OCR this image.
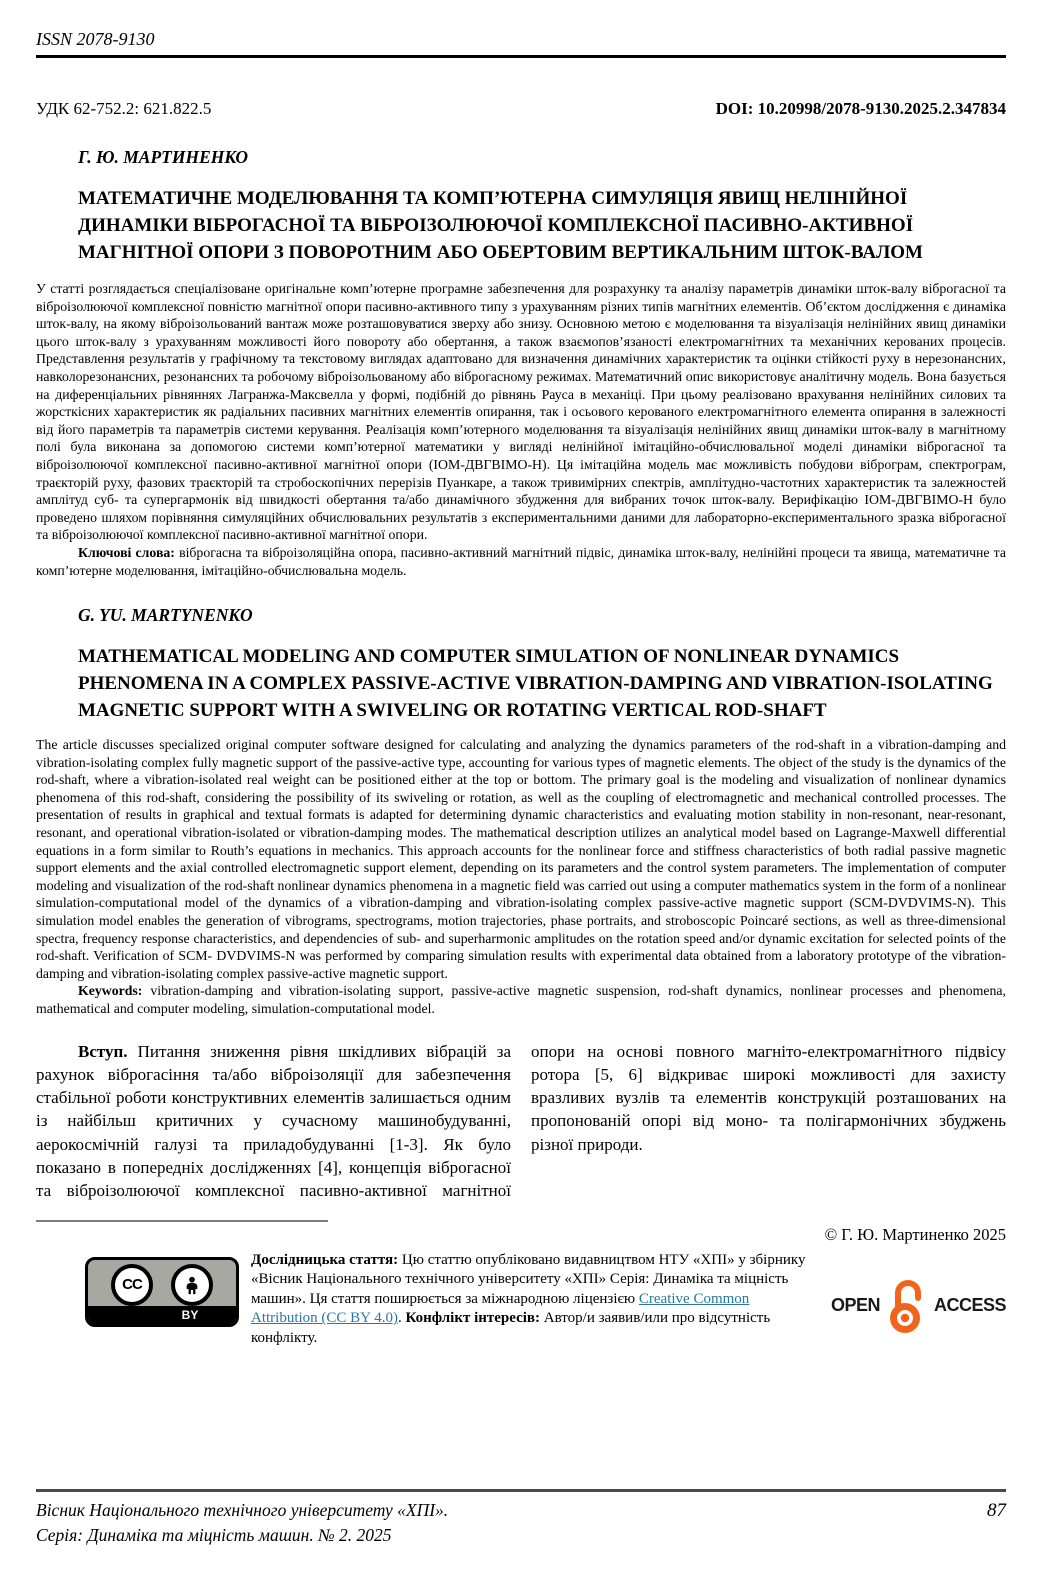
ISSN 2078-9130
УДК 62-752.2: 621.822.5	DOI: 10.20998/2078-9130.2025.2.347834
Г. Ю. МАРТИНЕНКО
МАТЕМАТИЧНЕ МОДЕЛЮВАННЯ ТА КОМП’ЮТЕРНА СИМУЛЯЦІЯ ЯВИЩ НЕЛІНІЙНОЇ ДИНАМІКИ ВІБРОГАСНОЇ ТА ВІБРОІЗОЛЮЮЧОЇ КОМПЛЕКСНОЇ ПАСИВНО-АКТИВНОЇ МАГНІТНОЇ ОПОРИ З ПОВОРОТНИМ АБО ОБЕРТОВИМ ВЕРТИКАЛЬНИМ ШТОК-ВАЛОМ

У статті розглядається спеціалізоване оригінальне комп’ютерне програмне забезпечення для розрахунку та аналізу параметрів динаміки шток-валу віброгасної та віброізолюючої комплексної повністю магнітної опори пасивно-активного типу з урахуванням різних типів магнітних елементів. Об’єктом дослідження є динаміка шток-валу, на якому віброізольований вантаж може розташовуватися зверху або знизу. Основною метою є моделювання та візуалізація нелінійних явищ динаміки цього шток-валу з урахуванням можливості його повороту або обертання, а також взаємопов’язаності електромагнітних та механічних керованих процесів. Представлення результатів у графічному та текстовому виглядах адаптовано для визначення динамічних характеристик та оцінки стійкості руху в нерезонансних, навколорезонансних, резонансних та робочому віброізольованому або віброгасному режимах. Математичний опис використовує аналітичну модель. Вона базується на диференціальних рівняннях Лагранжа-Максвелла у формі, подібній до рівнянь Рауса в механіці. При цьому реалізовано врахування нелінійних силових та жорсткісних характеристик як радіальних пасивних магнітних елементів опирання, так і осьового керованого електромагнітного елемента опирання в залежності від його параметрів та параметрів системи керування. Реалізація комп’ютерного моделювання та візуалізація нелінійних явищ динаміки шток-валу в магнітному полі була виконана за допомогою системи комп’ютерної математики у вигляді нелінійної імітаційно-обчислювальної моделі динаміки віброгасної та віброізолюючої комплексної пасивно-активної магнітної опори (ІОМ-ДВГВІМО-Н). Ця імітаційна модель має можливість побудови віброграм, спектрограм, траєкторій руху, фазових траєкторій та стробоскопічних перерізів Пуанкаре, а також тривимірних спектрів, амплітудно-частотних характеристик та залежностей амплітуд суб- та супергармонік від швидкості обертання та/або динамічного збудження для вибраних точок шток-валу. Верифікацію ІОМ-ДВГВІМО-Н було проведено шляхом порівняння симуляційних обчислювальних результатів з експериментальними даними для лабораторно-експериментального зразка віброгасної та віброізолюючої комплексної пасивно-активної магнітної опори.

Ключові слова: віброгасна та віброізоляційна опора, пасивно-активний магнітний підвіс, динаміка шток-валу, нелінійні процеси та явища, математичне та комп’ютерне моделювання, імітаційно-обчислювальна модель.

G. YU. MARTYNENKO
MATHEMATICAL MODELING AND COMPUTER SIMULATION OF NONLINEAR DYNAMICS PHENOMENA IN A COMPLEX PASSIVE-ACTIVE VIBRATION-DAMPING AND VIBRATION-ISOLATING MAGNETIC SUPPORT WITH A SWIVELING OR ROTATING VERTICAL ROD-SHAFT

The article discusses specialized original computer software designed for calculating and analyzing the dynamics parameters of the rod-shaft in a vibration-damping and vibration-isolating complex fully magnetic support of the passive-active type, accounting for various types of magnetic elements. The object of the study is the dynamics of the rod-shaft, where a vibration-isolated real weight can be positioned either at the top or bottom. The primary goal is the modeling and visualization of nonlinear dynamics phenomena of this rod-shaft, considering the possibility of its swiveling or rotation, as well as the coupling of electromagnetic and mechanical controlled processes. The presentation of results in graphical and textual formats is adapted for determining dynamic characteristics and evaluating motion stability in non-resonant, near-resonant, resonant, and operational vibration-isolated or vibration-damping modes. The mathematical description utilizes an analytical model based on Lagrange-Maxwell differential equations in a form similar to Routh’s equations in mechanics. This approach accounts for the nonlinear force and stiffness characteristics of both radial passive magnetic support elements and the axial controlled electromagnetic support element, depending on its parameters and the control system parameters. The implementation of computer modeling and visualization of the rod-shaft nonlinear dynamics phenomena in a magnetic field was carried out using a computer mathematics system in the form of a nonlinear simulation-computational model of the dynamics of a vibration-damping and vibration-isolating complex passive-active magnetic support (SCM-DVDVIMS-N). This simulation model enables the generation of vibrograms, spectrograms, motion trajectories, phase portraits, and stroboscopic Poincaré sections, as well as three-dimensional spectra, frequency response characteristics, and dependencies of sub- and superharmonic amplitudes on the rotation speed and/or dynamic excitation for selected points of the rod-shaft. Verification of SCM- DVDVIMS-N was performed by comparing simulation results with experimental data obtained from a laboratory prototype of the vibration-damping and vibration-isolating complex passive-active magnetic support.

Keywords: vibration-damping and vibration-isolating support, passive-active magnetic suspension, rod-shaft dynamics, nonlinear processes and phenomena, mathematical and computer modeling, simulation-computational model.

Вступ. Питання зниження рівня шкідливих вібрацій за рахунок віброгасіння та/або віброізоляції для забезпечення стабільної роботи конструктивних елементів залишається одним із найбільш критичних у сучасному машинобудуванні, аерокосмічній галузі та приладобудуванні [1-3]. Як було показано в попередніх дослідженнях [4], концепція віброгасної та віброізолюючої комплексної пасивно-активної магнітної опори на основі повного магніто-електромагнітного підвісу ротора [5, 6] відкриває широкі можливості для захисту вразливих вузлів та елементів конструкцій розташованих на пропонованій опорі від моно- та полігармонічних збуджень різної природи.

© Г. Ю. Мартиненко 2025
CC
BY

Дослідницька стаття: Цю статтю опубліковано видавництвом НТУ «ХПІ» у збірнику «Вісник Національного технічного університету «ХПІ» Серія: Динаміка та міцність машин». Ця стаття поширюється за міжнародною ліцензією Creative Common Attribution (CC BY 4.0). Конфлікт інтересів: Автор/и заявив/или про відсутність конфлікту.

OPEN	ACCESS
Вісник Національного технічного університету «ХПІ».
Серія: Динаміка та міцність машин. № 2. 2025
87
